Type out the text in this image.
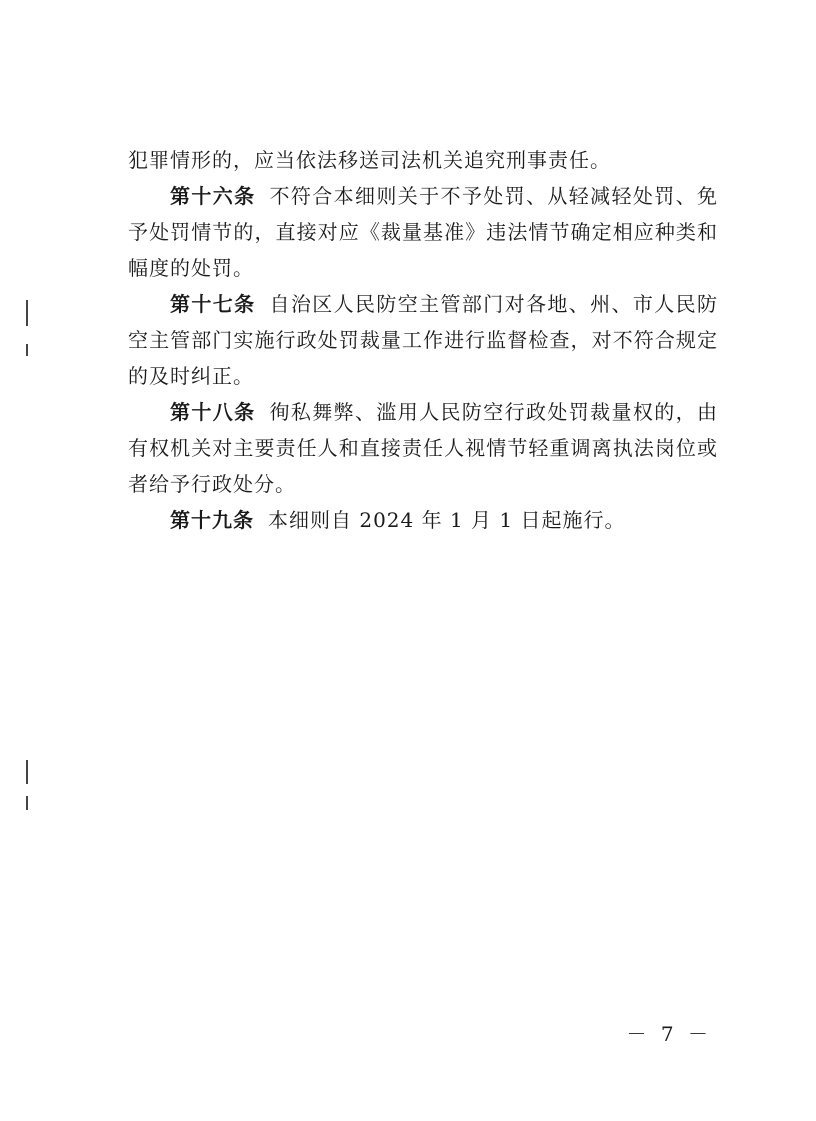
犯罪情形的，应当依法移送司法机关追究刑事责任。

第十六条 不符合本细则关于不予处罚、从轻减轻处罚、免予处罚情节的，直接对应《裁量基准》违法情节确定相应种类和幅度的处罚。

第十七条 自治区人民防空主管部门对各地、州、市人民防空主管部门实施行政处罚裁量工作进行监督检查，对不符合规定的及时纠正。

第十八条 徇私舞弊、滥用人民防空行政处罚裁量权的，由有权机关对主要责任人和直接责任人视情节轻重调离执法岗位或者给予行政处分。

第十九条 本细则自 2024 年 1 月 1 日起施行。

－ 7 －
